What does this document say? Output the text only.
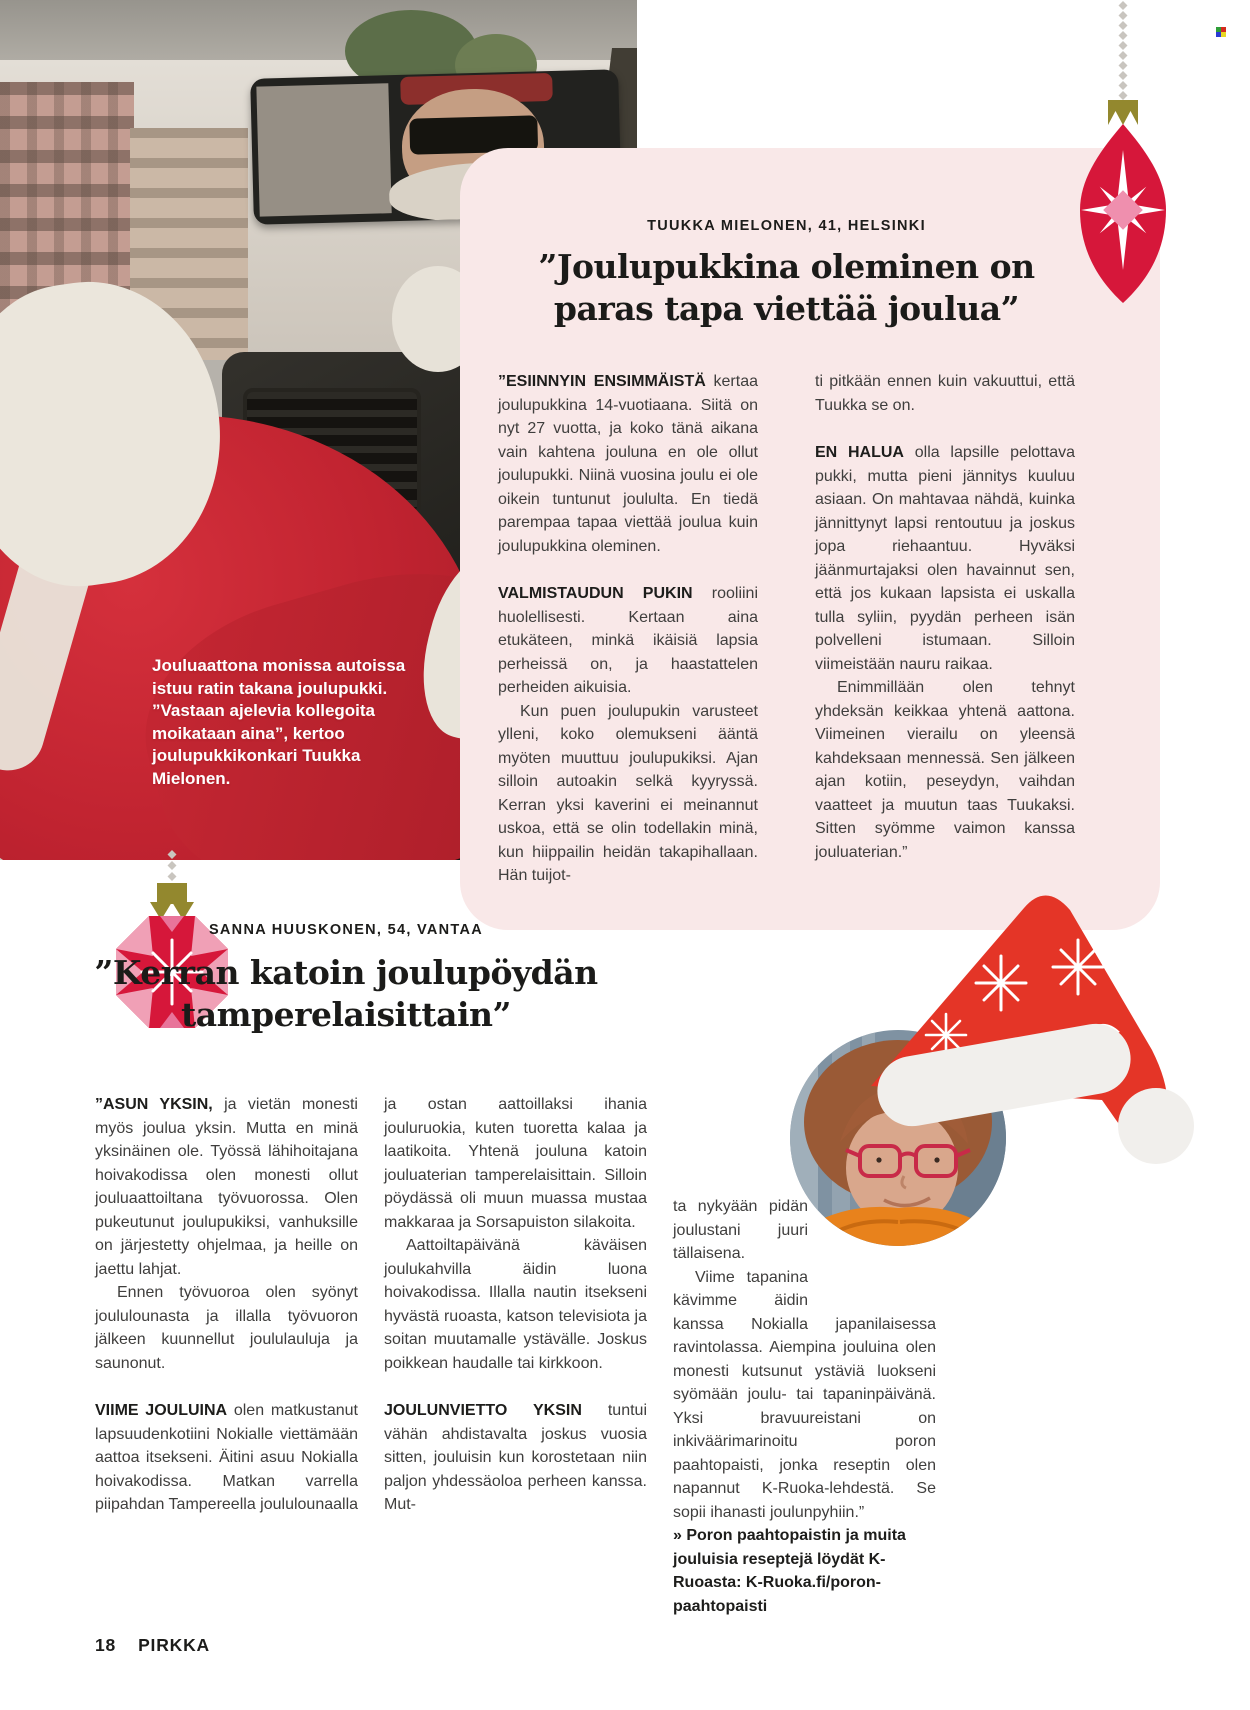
Jouluaattona monissa autoissa istuu ratin takana joulupukki. ”Vastaan ajelevia kollegoita moikataan aina”, kertoo joulupukkikonkari Tuukka Mielonen.
TUUKKA MIELONEN, 41, HELSINKI
”Joulupukkina oleminen on
paras tapa viettää joulua”

”ESIINNYIN ENSIMMÄISTÄ kertaa joulupukkina 14-vuotiaana. Siitä on nyt 27 vuotta, ja koko tänä aikana vain kahtena jouluna en ole ollut joulupukki. Niinä vuosina joulu ei ole oikein tuntunut joululta. En tiedä parempaa tapaa viettää joulua kuin joulupukkina oleminen.

VALMISTAUDUN PUKIN rooliini huolellisesti. Kertaan aina etukäteen, minkä ikäisiä lapsia perheissä on, ja haastattelen perheiden aikuisia.

Kun puen joulupukin varusteet ylleni, koko olemukseni ääntä myöten muuttuu joulupukiksi. Ajan silloin autoakin selkä kyyryssä. Kerran yksi kaverini ei meinannut uskoa, että se olin todellakin minä, kun hiippailin heidän takapihallaan. Hän tuijot-

ti pitkään ennen kuin vakuuttui, että Tuukka se on.

EN HALUA olla lapsille pelottava pukki, mutta pieni jännitys kuuluu asiaan. On mahtavaa nähdä, kuinka jännittynyt lapsi rentoutuu ja joskus jopa riehaantuu. Hyväksi jäänmurtajaksi olen havainnut sen, että jos kukaan lapsista ei uskalla tulla syliin, pyydän perheen isän polvelleni istumaan. Silloin viimeistään nauru raikaa.

Enimmillään olen tehnyt yhdeksän keikkaa yhtenä aattona. Viimeinen vierailu on yleensä kahdeksaan mennessä. Sen jälkeen ajan kotiin, peseydyn, vaihdan vaatteet ja muutun taas Tuukaksi. Sitten syömme vaimon kanssa jouluaterian.”

SANNA HUUSKONEN, 54, VANTAA
”Kerran katoin joulupöydän
tamperelaisittain”

”ASUN YKSIN, ja vietän monesti myös joulua yksin. Mutta en minä yksinäinen ole. Työssä lähihoitajana hoivakodissa olen monesti ollut jouluaattoiltana työvuorossa. Olen pukeutunut joulupukiksi, vanhuksille on järjestetty ohjelmaa, ja heille on jaettu lahjat.

Ennen työvuoroa olen syönyt joululounasta ja illalla työvuoron jälkeen kuunnellut joululauluja ja saunonut.

VIIME JOULUINA olen matkustanut lapsuudenkotiini Nokialle viettämään aattoa itsekseni. Äitini asuu Nokialla hoivakodissa. Matkan varrella piipahdan Tampereella joululounaalla

ja ostan aattoillaksi ihania jouluruokia, kuten tuoretta kalaa ja laatikoita. Yhtenä jouluna katoin jouluaterian tamperelaisittain. Silloin pöydässä oli muun muassa mustaa makkaraa ja Sorsapuiston silakoita.

Aattoiltapäivänä käväisen joulukahvilla äidin luona hoivakodissa. Illalla nautin itsekseni hyvästä ruoasta, katson televisiota ja soitan muutamalle ystävälle. Joskus poikkean haudalle tai kirkkoon.

JOULUNVIETTO YKSIN tuntui vähän ahdistavalta joskus vuosia sitten, jouluisin kun korostetaan niin paljon yhdessäoloa perheen kanssa. Mut-

ta nykyään pidän joulustani juuri tällaisena.

Viime tapanina kävimme äidin kanssa Nokialla japanilaisessa ravintolassa. Aiempina jouluina olen monesti kutsunut ystäviä luokseni syömään joulu- tai tapaninpäivänä. Yksi bravuureistani on inkiväärimarinoitu poron paahtopaisti, jonka reseptin olen napannut K-Ruoka-lehdestä. Se sopii ihanasti joulunpyhiin.”

» Poron paahtopaistin ja muita jouluisia reseptejä löydät K-Ruoasta: K-Ruoka.fi/poron-paahtopaisti

18 PIRKKA
